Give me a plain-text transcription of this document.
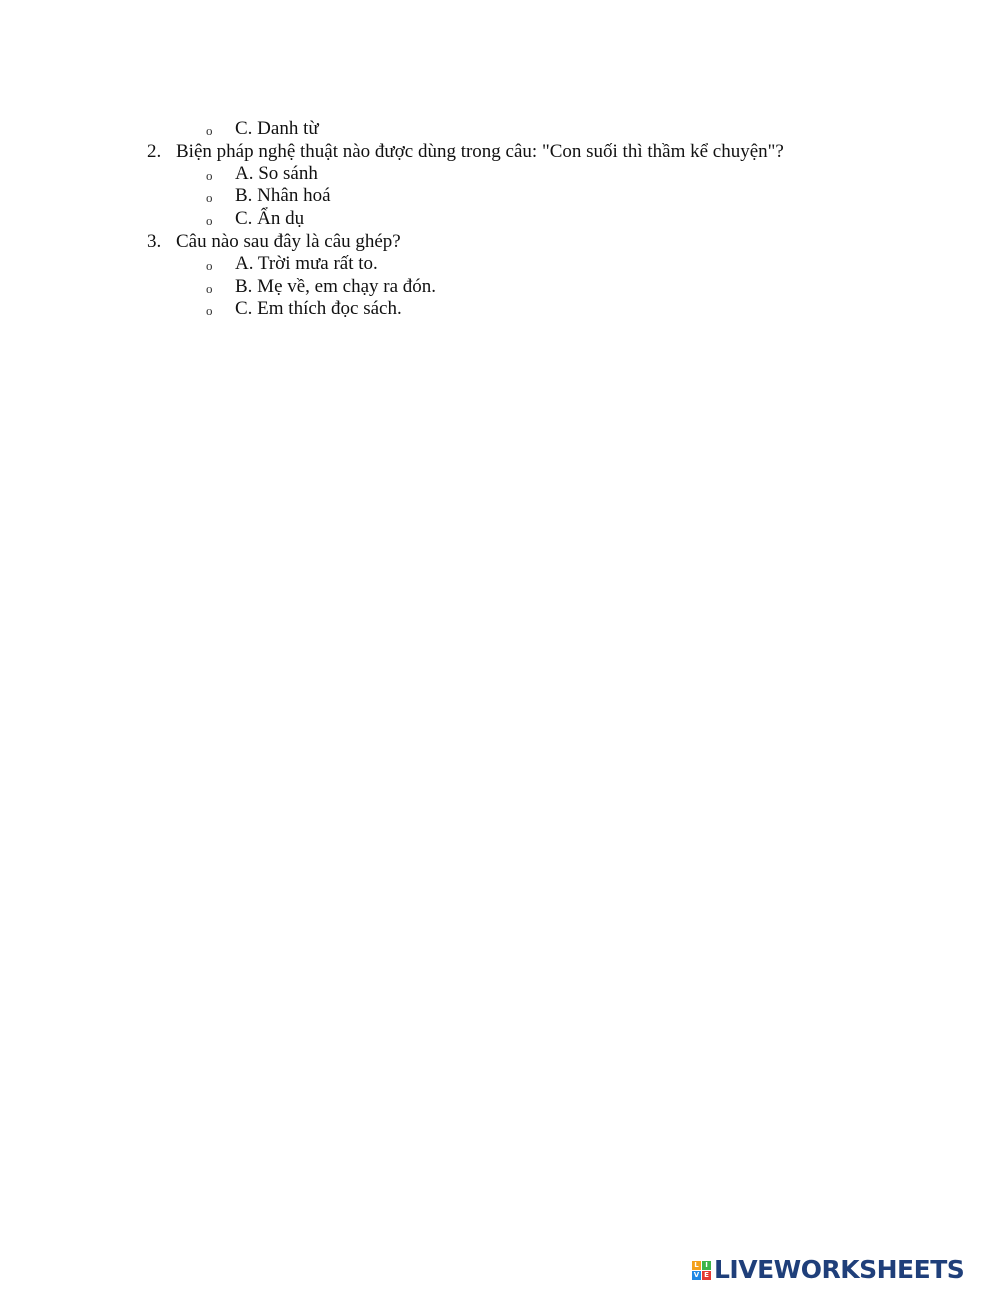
o C. Danh từ
2. Biện pháp nghệ thuật nào được dùng trong câu: "Con suối thì thầm kể chuyện"?
o A. So sánh
o B. Nhân hoá
o C. Ẩn dụ
3. Câu nào sau đây là câu ghép?
o A. Trời mưa rất to.
o B. Mẹ về, em chạy ra đón.
o C. Em thích đọc sách.
L I
V E LIVEWORKSHEETS
